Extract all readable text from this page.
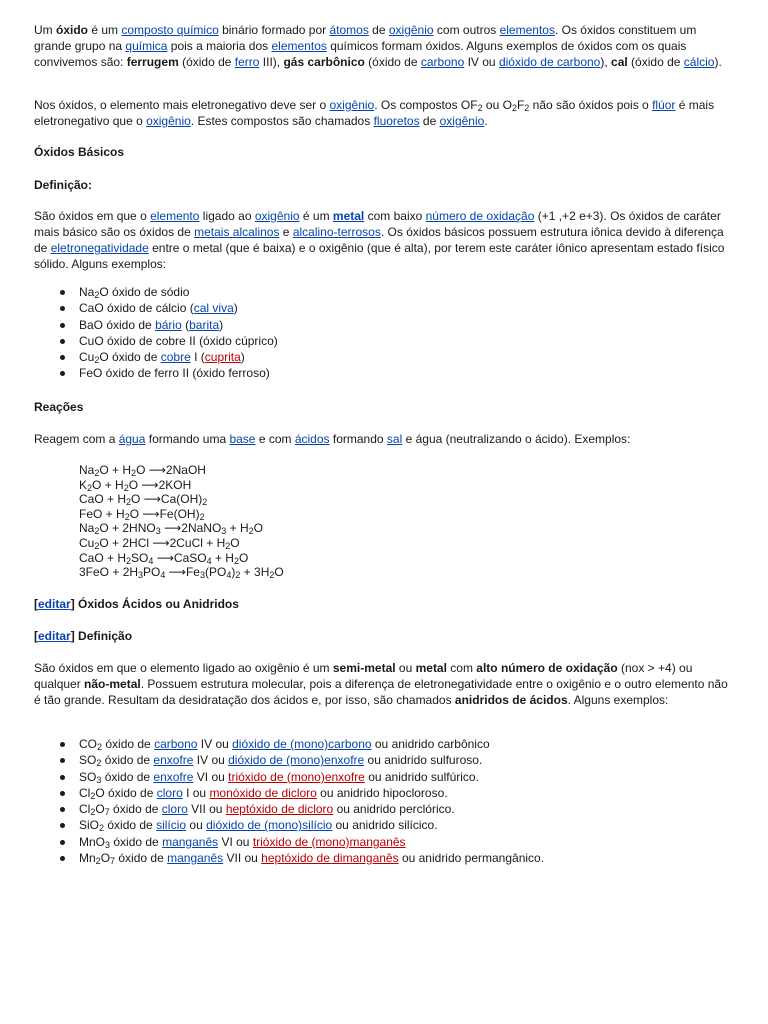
Um óxido é um composto químico binário formado por átomos de oxigênio com outros elementos. Os óxidos constituem um grande grupo na química pois a maioria dos elementos químicos formam óxidos. Alguns exemplos de óxidos com os quais convivemos são: ferrugem (óxido de ferro III), gás carbônico (óxido de carbono IV ou dióxido de carbono), cal (óxido de cálcio).

Nos óxidos, o elemento mais eletronegativo deve ser o oxigênio. Os compostos $OF_2$ ou $O_2F_2$ não são óxidos pois o flúor é mais eletronegativo que o oxigênio. Estes compostos são chamados fluoretos de oxigênio.

Óxidos Básicos
Definição:

São óxidos em que o elemento ligado ao oxigênio é um metal com baixo número de oxidação (+1 ,+2 e+3). Os óxidos de caráter mais básico são os óxidos de metais alcalinos e alcalino-terrosos. Os óxidos básicos possuem estrutura iônica devido à diferença de eletronegatividade entre o metal (que é baixa) e o oxigênio (que é alta), por terem este caráter iônico apresentam estado físico sólido. Alguns exemplos:

$Na_2O$ óxido de sódio
CaO óxido de cálcio (cal viva)
BaO óxido de bário (barita)
CuO óxido de cobre II (óxido cúprico)
$Cu_2O$ óxido de cobre I (cuprita)
FeO óxido de ferro II (óxido ferroso)
Reações

Reagem com a água formando uma base e com ácidos formando sal e água (neutralizando o ácido). Exemplos:

$Na_2O + H_2O$ ⟶2NaOH
$K_2O + H_2O$ ⟶2KOH
CaO + $H_2O$ $⟶Ca(OH)_2$
FeO + $H_2O$ $⟶Fe(OH)_2$
$Na_2O + 2HNO_3$ ⟶2NaNO$_3$ + $H_2O$
$Cu_2O + 2HCl$ ⟶2CuCl + $H_2O$
CaO + $H_2SO_4$ ⟶CaSO$_4$ + $H_2O$
$3FeO + 2H_3PO_4$ $⟶Fe_3(PO_4)_2 + 3H_2O$
[editar] Óxidos Ácidos ou Anidridos
[editar] Definição

São óxidos em que o elemento ligado ao oxigênio é um semi-metal ou metal com alto número de oxidação (nox > +4) ou qualquer não-metal. Possuem estrutura molecular, pois a diferença de eletronegatividade entre o oxigênio e o outro elemento não é tão grande. Resultam da desidratação dos ácidos e, por isso, são chamados anidridos de ácidos. Alguns exemplos:

$CO_2$ óxido de carbono IV ou dióxido de (mono)carbono ou anidrido carbônico
$SO_2$ óxido de enxofre IV ou dióxido de (mono)enxofre ou anidrido sulfuroso.
$SO_3$ óxido de enxofre VI ou trióxido de (mono)enxofre ou anidrido sulfúrico.
$Cl_2O$ óxido de cloro I ou monóxido de dicloro ou anidrido hipocloroso.
$Cl_2O_7$ óxido de cloro VII ou heptóxido de dicloro ou anidrido perclórico.
SiO$_2$ óxido de silício ou dióxido de (mono)silício ou anidrido silícico.
MnO$_3$ óxido de manganês VI ou trióxido de (mono)manganês
$Mn_2O_7$ óxido de manganês VII ou heptóxido de dimanganês ou anidrido permangânico.
